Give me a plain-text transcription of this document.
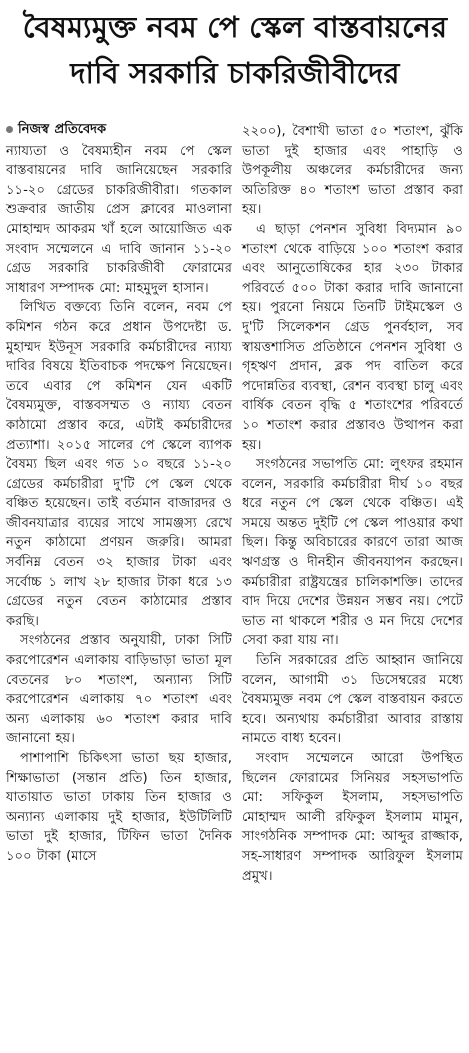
বৈষম্যমুক্ত নবম পে স্কেল বাস্তবায়নের
দাবি সরকারি চাকরিজীবীদের
নিজস্ব প্রতিবেদক

ন্যায্যতা ও বৈষম্যহীন নবম পে স্কেল বাস্তবায়নের দাবি জানিয়েছেন সরকারি ১১-২০ গ্রেডের চাকরিজীবীরা। গতকাল শুক্রবার জাতীয় প্রেস ক্লাবের মাওলানা মোহাম্মদ আকরম খাঁ হলে আয়োজিত এক সংবাদ সম্মেলনে এ দাবি জানান ১১-২০ গ্রেড সরকারি চাকরিজীবী ফোরামের সাধারণ সম্পাদক মো: মাহমুদুল হাসান।

লিখিত বক্তব্যে তিনি বলেন, নবম পে কমিশন গঠন করে প্রধান উপদেষ্টা ড. মুহাম্মদ ইউনূস সরকারি কর্মচারীদের ন্যায্য দাবির বিষয়ে ইতিবাচক পদক্ষেপ নিয়েছেন। তবে এবার পে কমিশন যেন একটি বৈষম্যমুক্ত, বাস্তবসম্মত ও ন্যায্য বেতন কাঠামো প্রস্তাব করে, এটাই কর্মচারীদের প্রত্যাশা। ২০১৫ সালের পে স্কেলে ব্যাপক বৈষম্য ছিল এবং গত ১০ বছরে ১১-২০ গ্রেডের কর্মচারীরা দু'টি পে স্কেল থেকে বঞ্চিত হয়েছেন। তাই বর্তমান বাজারদর ও জীবনযাত্রার ব্যয়ের সাথে সামঞ্জস্য রেখে নতুন কাঠামো প্রণয়ন জরুরি। আমরা সর্বনিম্ন বেতন ৩২ হাজার টাকা এবং সর্বোচ্চ ১ লাখ ২৮ হাজার টাকা ধরে ১৩ গ্রেডের নতুন বেতন কাঠামোর প্রস্তাব করছি।

সংগঠনের প্রস্তাব অনুযায়ী, ঢাকা সিটি করপোরেশন এলাকায় বাড়িভাড়া ভাতা মূল বেতনের ৮০ শতাংশ, অন্যান্য সিটি করপোরেশন এলাকায় ৭০ শতাংশ এবং অন্য এলাকায় ৬০ শতাংশ করার দাবি জানানো হয়।

পাশাপাশি চিকিৎসা ভাতা ছয় হাজার, শিক্ষাভাতা (সন্তান প্রতি) তিন হাজার, যাতায়াত ভাতা ঢাকায় তিন হাজার ও অন্যান্য এলাকায় দুই হাজার, ইউটিলিটি ভাতা দুই হাজার, টিফিন ভাতা দৈনিক ১০০ টাকা (মাসে

২২০০), বৈশাখী ভাতা ৫০ শতাংশ, ঝুঁকি ভাতা দুই হাজার এবং পাহাড়ি ও উপকূলীয় অঞ্চলের কর্মচারীদের জন্য অতিরিক্ত ৪০ শতাংশ ভাতা প্রস্তাব করা হয়।

এ ছাড়া পেনশন সুবিধা বিদ্যমান ৯০ শতাংশ থেকে বাড়িয়ে ১০০ শতাংশ করার এবং আনুতোষিকের হার ২৩০ টাকার পরিবর্তে ৫০০ টাকা করার দাবি জানানো হয়। পুরনো নিয়মে তিনটি টাইমস্কেল ও দু'টি সিলেকশন গ্রেড পুনর্বহাল, সব স্বায়ত্তশাসিত প্রতিষ্ঠানে পেনশন সুবিধা ও গৃহঋণ প্রদান, ব্লক পদ বাতিল করে পদোন্নতির ব্যবস্থা, রেশন ব্যবস্থা চালু এবং বার্ষিক বেতন বৃদ্ধি ৫ শতাংশের পরিবর্তে ১০ শতাংশ করার প্রস্তাবও উত্থাপন করা হয়।

সংগঠনের সভাপতি মো: লুৎফর রহমান বলেন, সরকারি কর্মচারীরা দীর্ঘ ১০ বছর ধরে নতুন পে স্কেল থেকে বঞ্চিত। এই সময়ে অন্তত দুইটি পে স্কেল পাওয়ার কথা ছিল। কিন্তু অবিচারের কারণে তারা আজ ঋণগ্রস্ত ও দীনহীন জীবনযাপন করছেন। কর্মচারীরা রাষ্ট্রযন্ত্রের চালিকাশক্তি। তাদের বাদ দিয়ে দেশের উন্নয়ন সম্ভব নয়। পেটে ভাত না থাকলে শরীর ও মন দিয়ে দেশের সেবা করা যায় না।

তিনি সরকারের প্রতি আহ্বান জানিয়ে বলেন, আগামী ৩১ ডিসেম্বরের মধ্যে বৈষম্যমুক্ত নবম পে স্কেল বাস্তবায়ন করতে হবে। অন্যথায় কর্মচারীরা আবার রাস্তায় নামতে বাধ্য হবেন।

সংবাদ সম্মেলনে আরো উপস্থিত ছিলেন ফোরামের সিনিয়র সহসভাপতি মো: সফিকুল ইসলাম, সহসভাপতি মোহাম্মদ আলী রফিকুল ইসলাম মামুন, সাংগঠনিক সম্পাদক মো: আব্দুর রাজ্জাক, সহ-সাধারণ সম্পাদক আরিফুল ইসলাম প্রমুখ।
